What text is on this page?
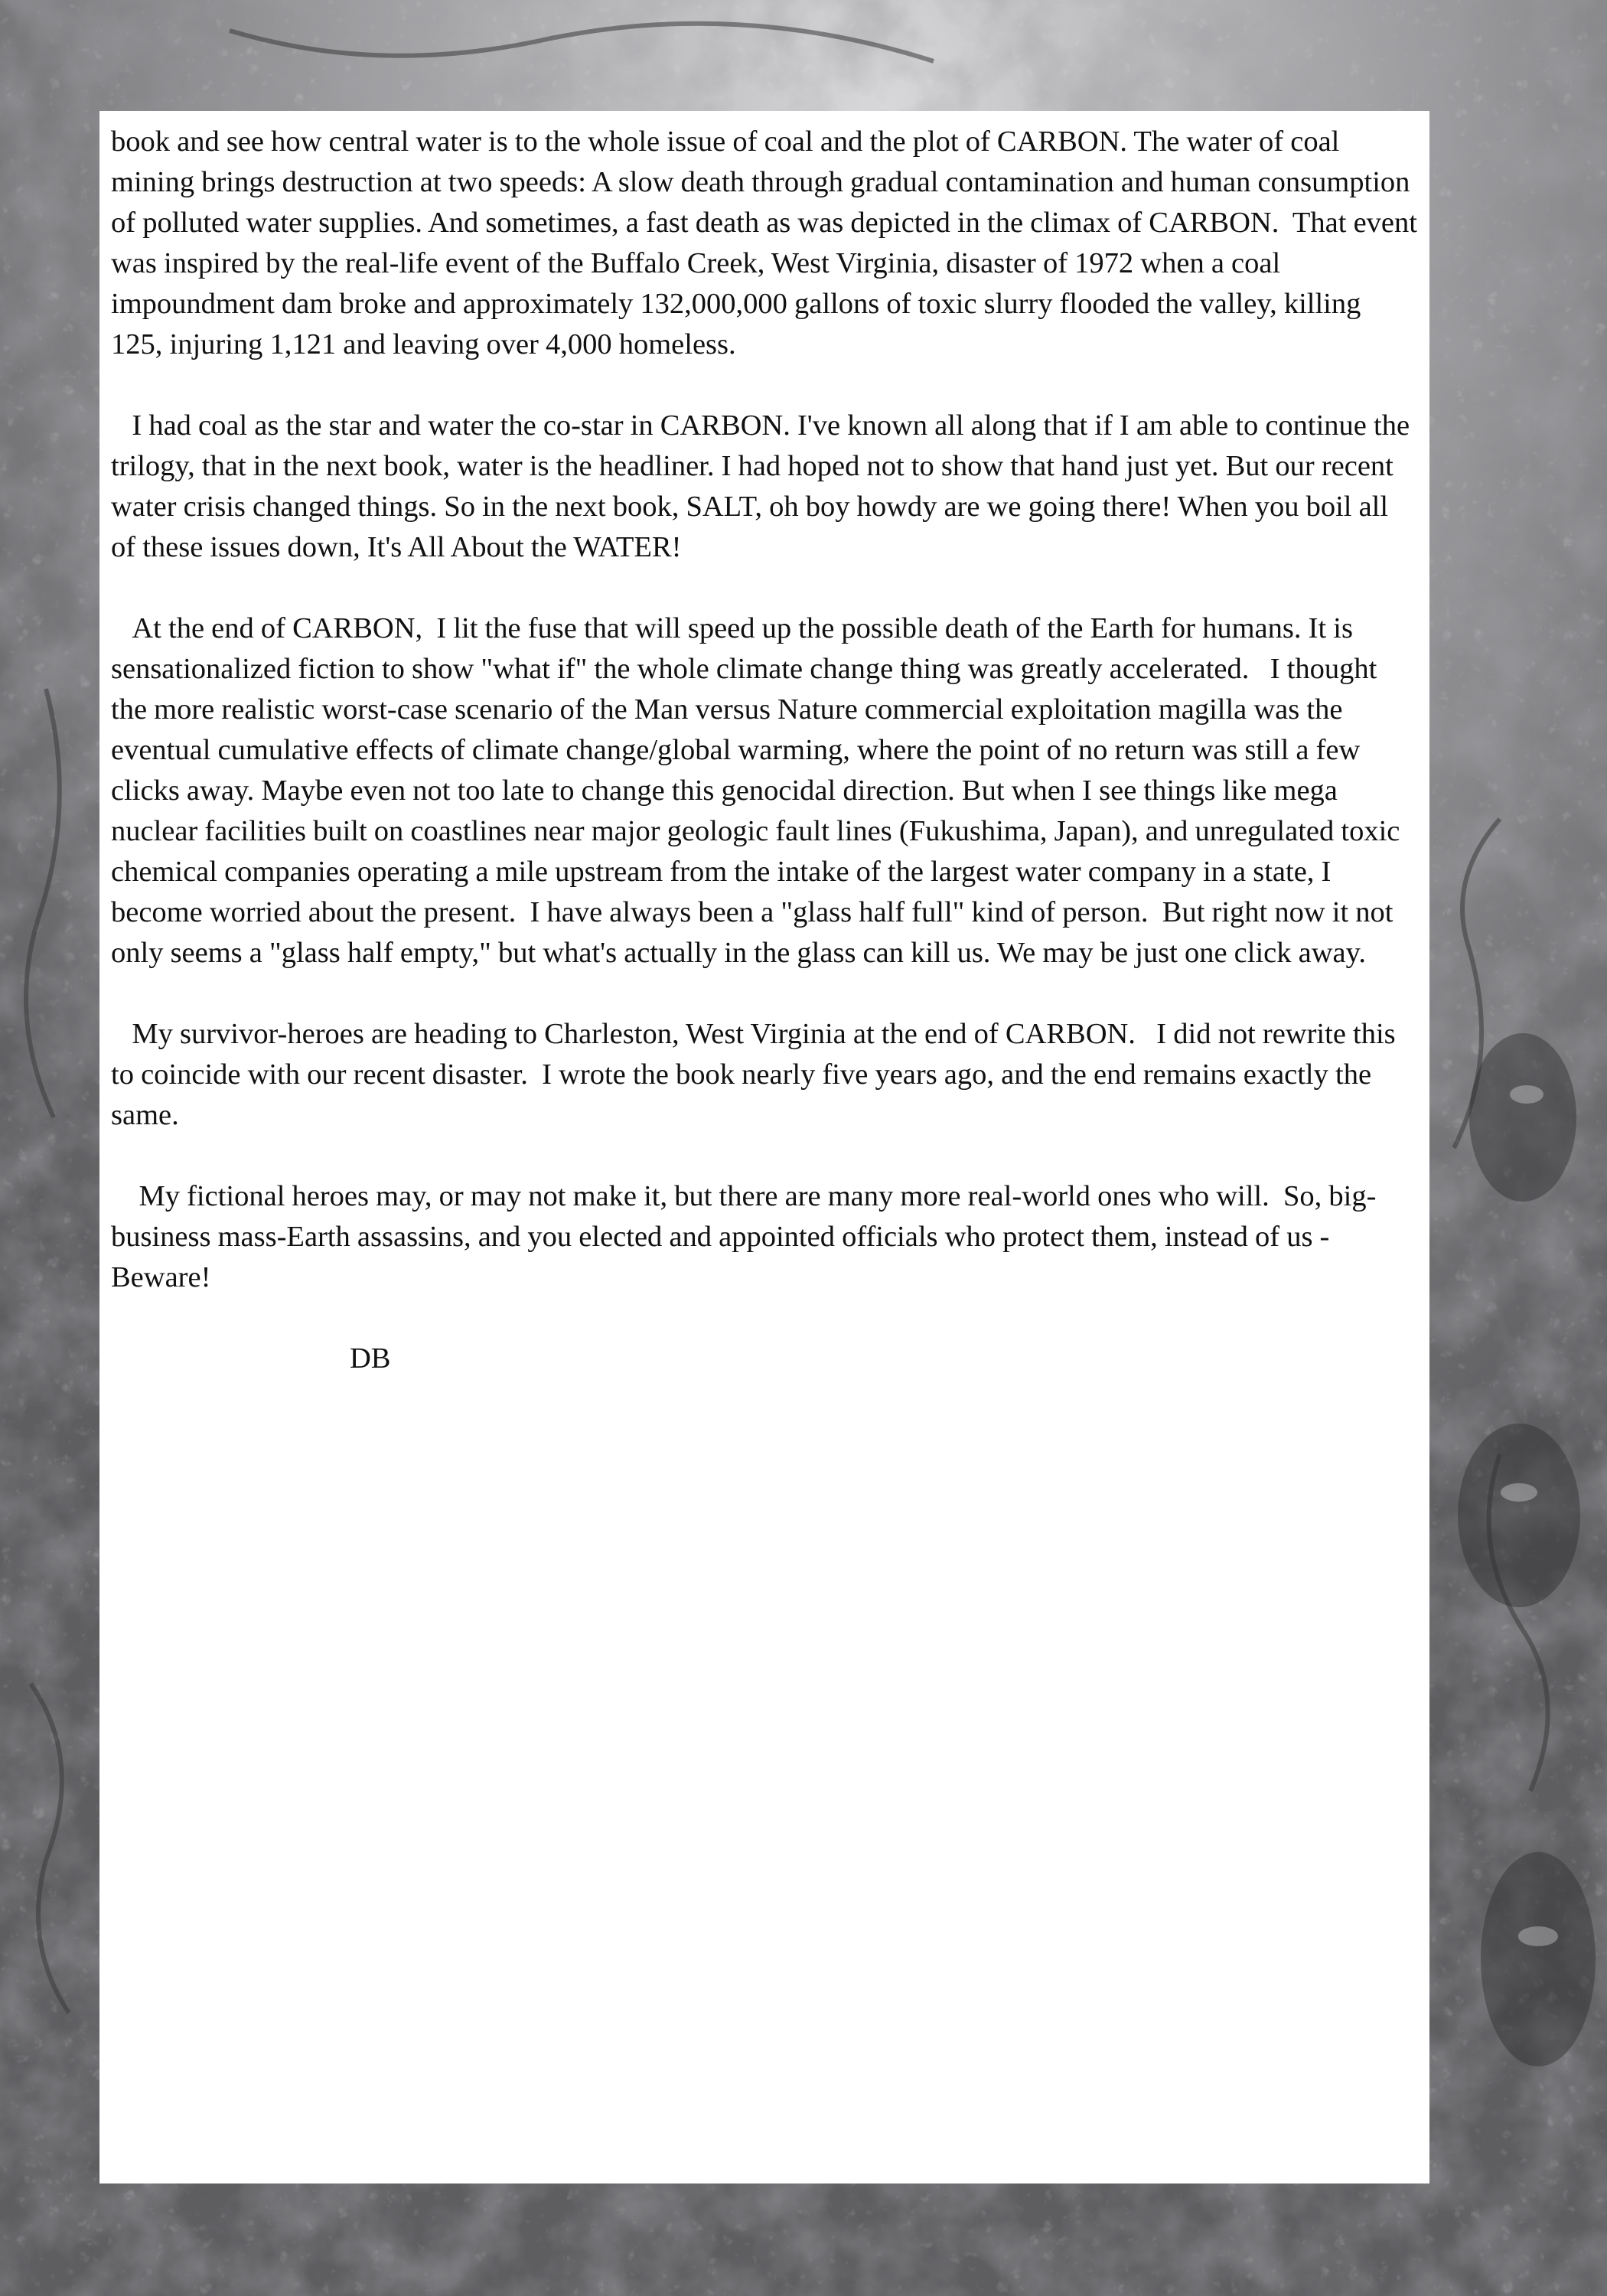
book and see how central water is to the whole issue of coal and the plot of CARBON. The water of coal mining brings destruction at two speeds: A slow death through gradual contamination and human consumption of polluted water supplies. And sometimes, a fast death as was depicted in the climax of CARBON.  That event was inspired by the real-life event of the Buffalo Creek, West Virginia, disaster of 1972 when a coal impoundment dam broke and approximately 132,000,000 gallons of toxic slurry flooded the valley, killing 125, injuring 1,121 and leaving over 4,000 homeless.

I had coal as the star and water the co-star in CARBON. I've known all along that if I am able to continue the trilogy, that in the next book, water is the headliner. I had hoped not to show that hand just yet. But our recent water crisis changed things. So in the next book, SALT, oh boy howdy are we going there! When you boil all of these issues down, It's All About the WATER!

At the end of CARBON,  I lit the fuse that will speed up the possible death of the Earth for humans. It is sensationalized fiction to show "what if" the whole climate change thing was greatly accelerated.   I thought the more realistic worst-case scenario of the Man versus Nature commercial exploitation magilla was the eventual cumulative effects of climate change/global warming, where the point of no return was still a few clicks away. Maybe even not too late to change this genocidal direction. But when I see things like mega nuclear facilities built on coastlines near major geologic fault lines (Fukushima, Japan), and unregulated toxic chemical companies operating a mile upstream from the intake of the largest water company in a state, I become worried about the present.  I have always been a "glass half full" kind of person.  But right now it not only seems a "glass half empty," but what's actually in the glass can kill us. We may be just one click away.

My survivor-heroes are heading to Charleston, West Virginia at the end of CARBON.   I did not rewrite this to coincide with our recent disaster.  I wrote the book nearly five years ago, and the end remains exactly the same.

My fictional heroes may, or may not make it, but there are many more real-world ones who will.  So, big-business mass-Earth assassins, and you elected and appointed officials who protect them, instead of us - Beware!

DB
